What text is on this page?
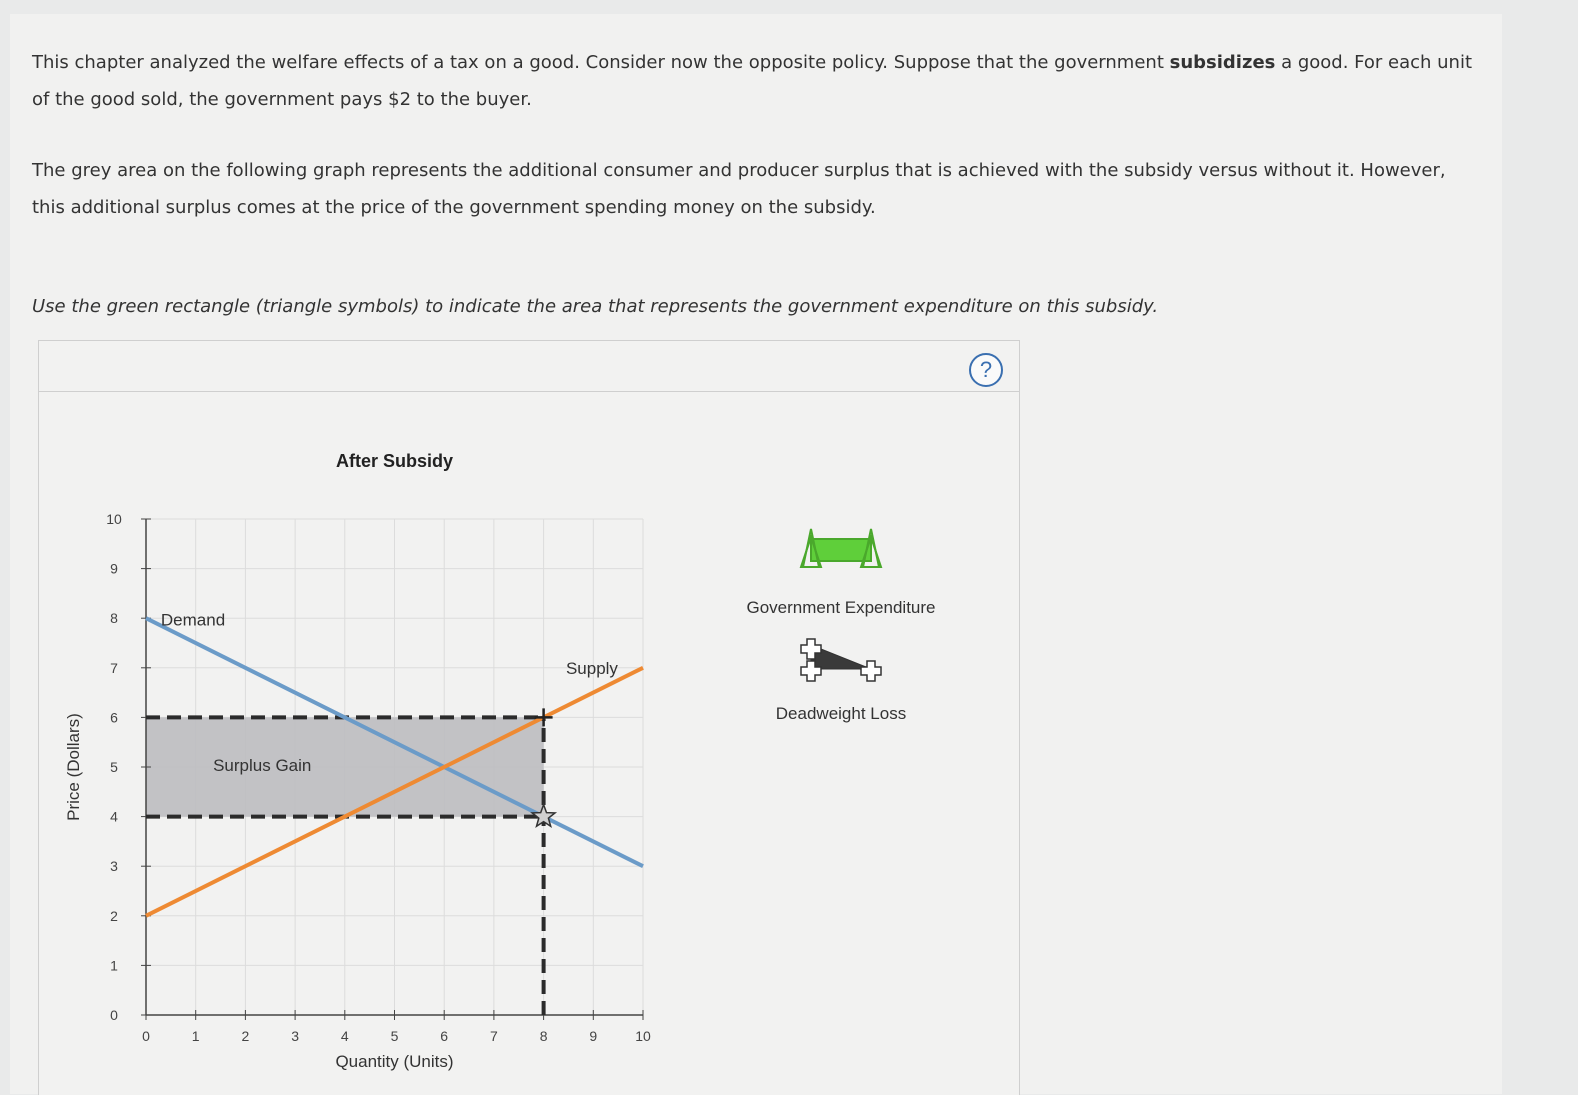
This chapter analyzed the welfare effects of a tax on a good. Consider now the opposite policy. Suppose that the government subsidizes a good. For each unit of the good sold, the government pays $2 to the buyer.
The grey area on the following graph represents the additional consumer and producer surplus that is achieved with the subsidy versus without it. However, this additional surplus comes at the price of the government spending money on the subsidy.
Use the green rectangle (triangle symbols) to indicate the area that represents the government expenditure on this subsidy.
?
0	1	2	3	4	5	6	7	8	9	10
0
1
2
3
4
5
6
7
8
9
10
After Subsidy
Quantity (Units)
Price (Dollars)
Demand
Supply
Surplus Gain
Government Expenditure
Deadweight Loss
